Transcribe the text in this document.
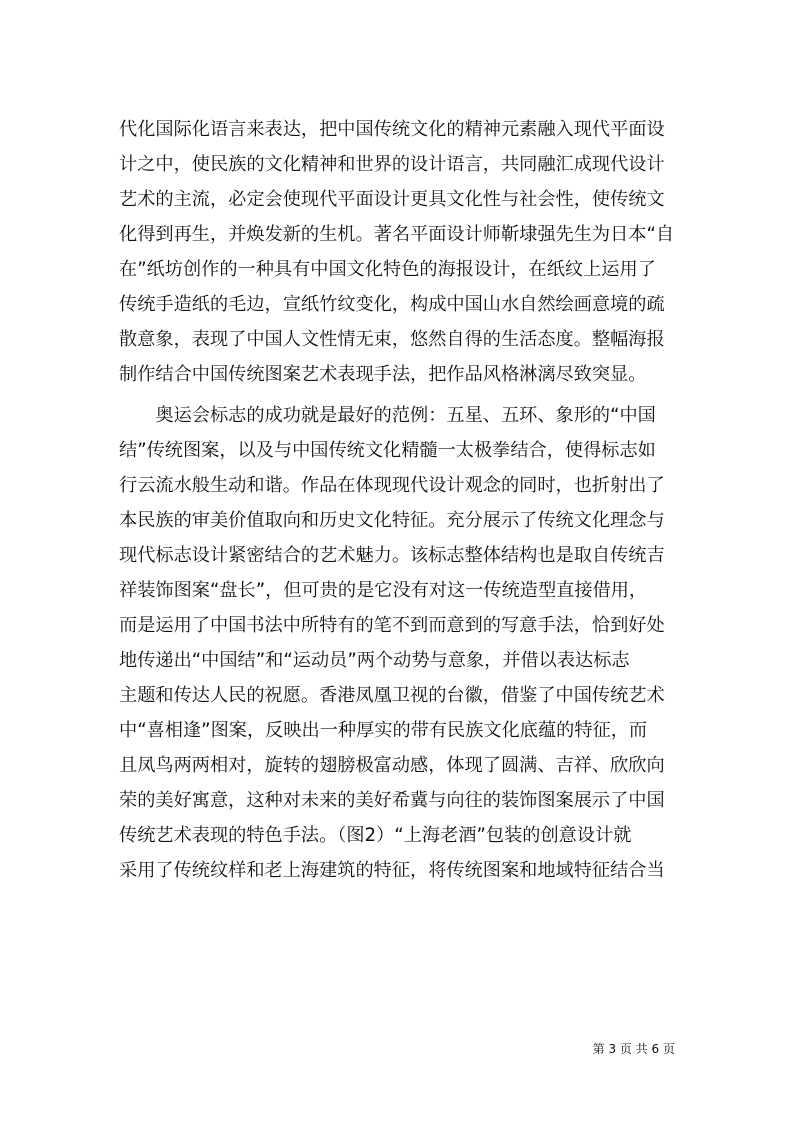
代化国际化语言来表达，把中国传统文化的精神元素融入现代平面设
计之中，使民族的文化精神和世界的设计语言，共同融汇成现代设计
艺术的主流，必定会使现代平面设计更具文化性与社会性，使传统文
化得到再生，并焕发新的生机。著名平面设计师靳埭强先生为日本“自
在”纸坊创作的一种具有中国文化特色的海报设计，在纸纹上运用了
传统手造纸的毛边，宣纸竹纹变化，构成中国山水自然绘画意境的疏
散意象，表现了中国人文性情无束，悠然自得的生活态度。整幅海报
制作结合中国传统图案艺术表现手法，把作品风格淋漓尽致突显。
　　奥运会标志的成功就是最好的范例：五星、五环、象形的“中国
结”传统图案，以及与中国传统文化精髓一太极拳结合，使得标志如
行云流水般生动和谐。作品在体现现代设计观念的同时，也折射出了
本民族的审美价值取向和历史文化特征。充分展示了传统文化理念与
现代标志设计紧密结合的艺术魅力。该标志整体结构也是取自传统吉
祥装饰图案“盘长”，但可贵的是它没有对这一传统造型直接借用，
而是运用了中国书法中所特有的笔不到而意到的写意手法，恰到好处
地传递出“中国结”和“运动员”两个动势与意象，并借以表达标志
主题和传达人民的祝愿。香港凤凰卫视的台徽，借鉴了中国传统艺术
中“喜相逢”图案，反映出一种厚实的带有民族文化底蕴的特征，而
且凤鸟两两相对，旋转的翅膀极富动感，体现了圆满、吉祥、欣欣向
荣的美好寓意，这种对未来的美好希冀与向往的装饰图案展示了中国
传统艺术表现的特色手法。（图2）“上海老酒”包装的创意设计就
采用了传统纹样和老上海建筑的特征，将传统图案和地域特征结合当
第 3 页 共 6 页
